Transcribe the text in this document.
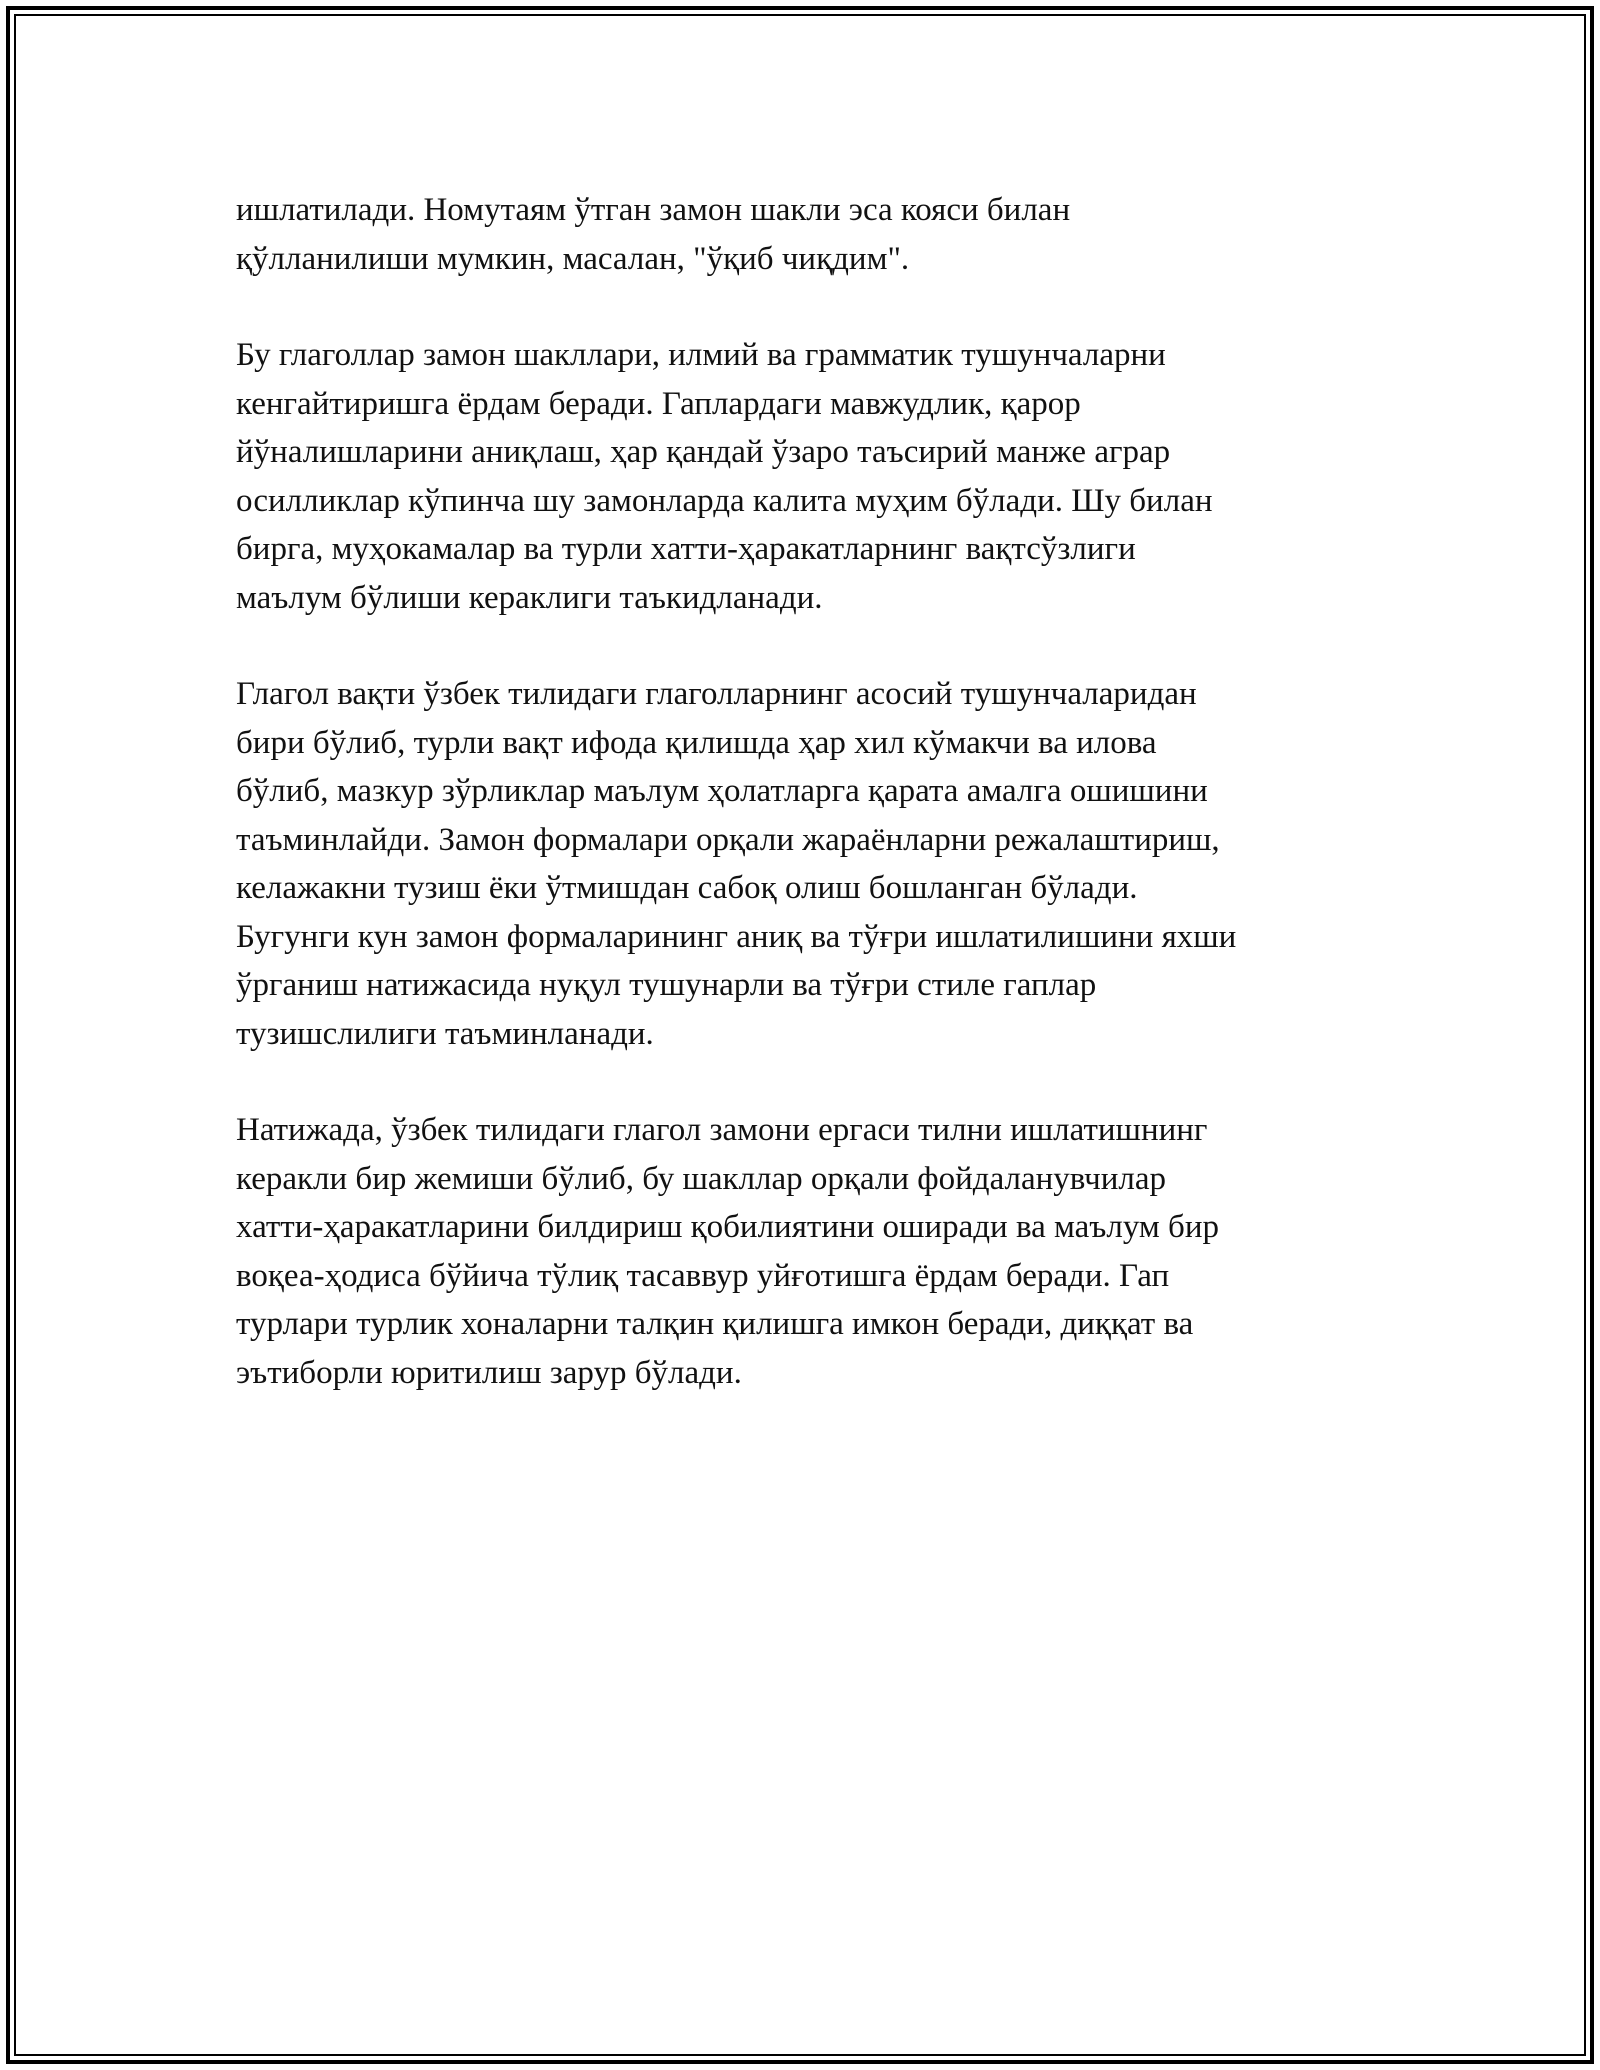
ишлатилади. Номутаям ўтган замон шакли эса кояси билан
қўлланилиши мумкин, масалан, "ўқиб чиқдим".

Бу глаголлар замон шакллари, илмий ва грамматик тушунчаларни
кенгайтиришга ёрдам беради. Гаплардаги мавжудлик, қарор
йўналишларини аниқлаш, ҳар қандай ўзаро таъсирий манже аграр
осилликлар кўпинча шу замонларда калита муҳим бўлади. Шу билан
бирга, муҳокамалар ва турли хатти-ҳаракатларнинг вақтсўзлиги
маълум бўлиши кераклиги таъкидланади.

Глагол вақти ўзбек тилидаги глаголларнинг асосий тушунчаларидан
бири бўлиб, турли вақт ифода қилишда ҳар хил кўмакчи ва илова
бўлиб, мазкур зўрликлар маълум ҳолатларга қарата амалга ошишини
таъминлайди. Замон формалари орқали жараёнларни режалаштириш,
келажакни тузиш ёки ўтмишдан сабоқ олиш бошланган бўлади.
Бугунги кун замон формаларининг аниқ ва тўғри ишлатилишини яхши
ўрганиш натижасида нуқул тушунарли ва тўғри стиле гаплар
тузишслилиги таъминланади.

Натижада, ўзбек тилидаги глагол замони ергаси тилни ишлатишнинг
керакли бир жемиши бўлиб, бу шакллар орқали фойдаланувчилар
хатти-ҳаракатларини билдириш қобилиятини оширади ва маълум бир
воқеа-ҳодиса бўйича тўлиқ тасаввур уйғотишга ёрдам беради. Гап
турлари турлик хоналарни талқин қилишга имкон беради, диққат ва
эътиборли юритилиш зарур бўлади.
